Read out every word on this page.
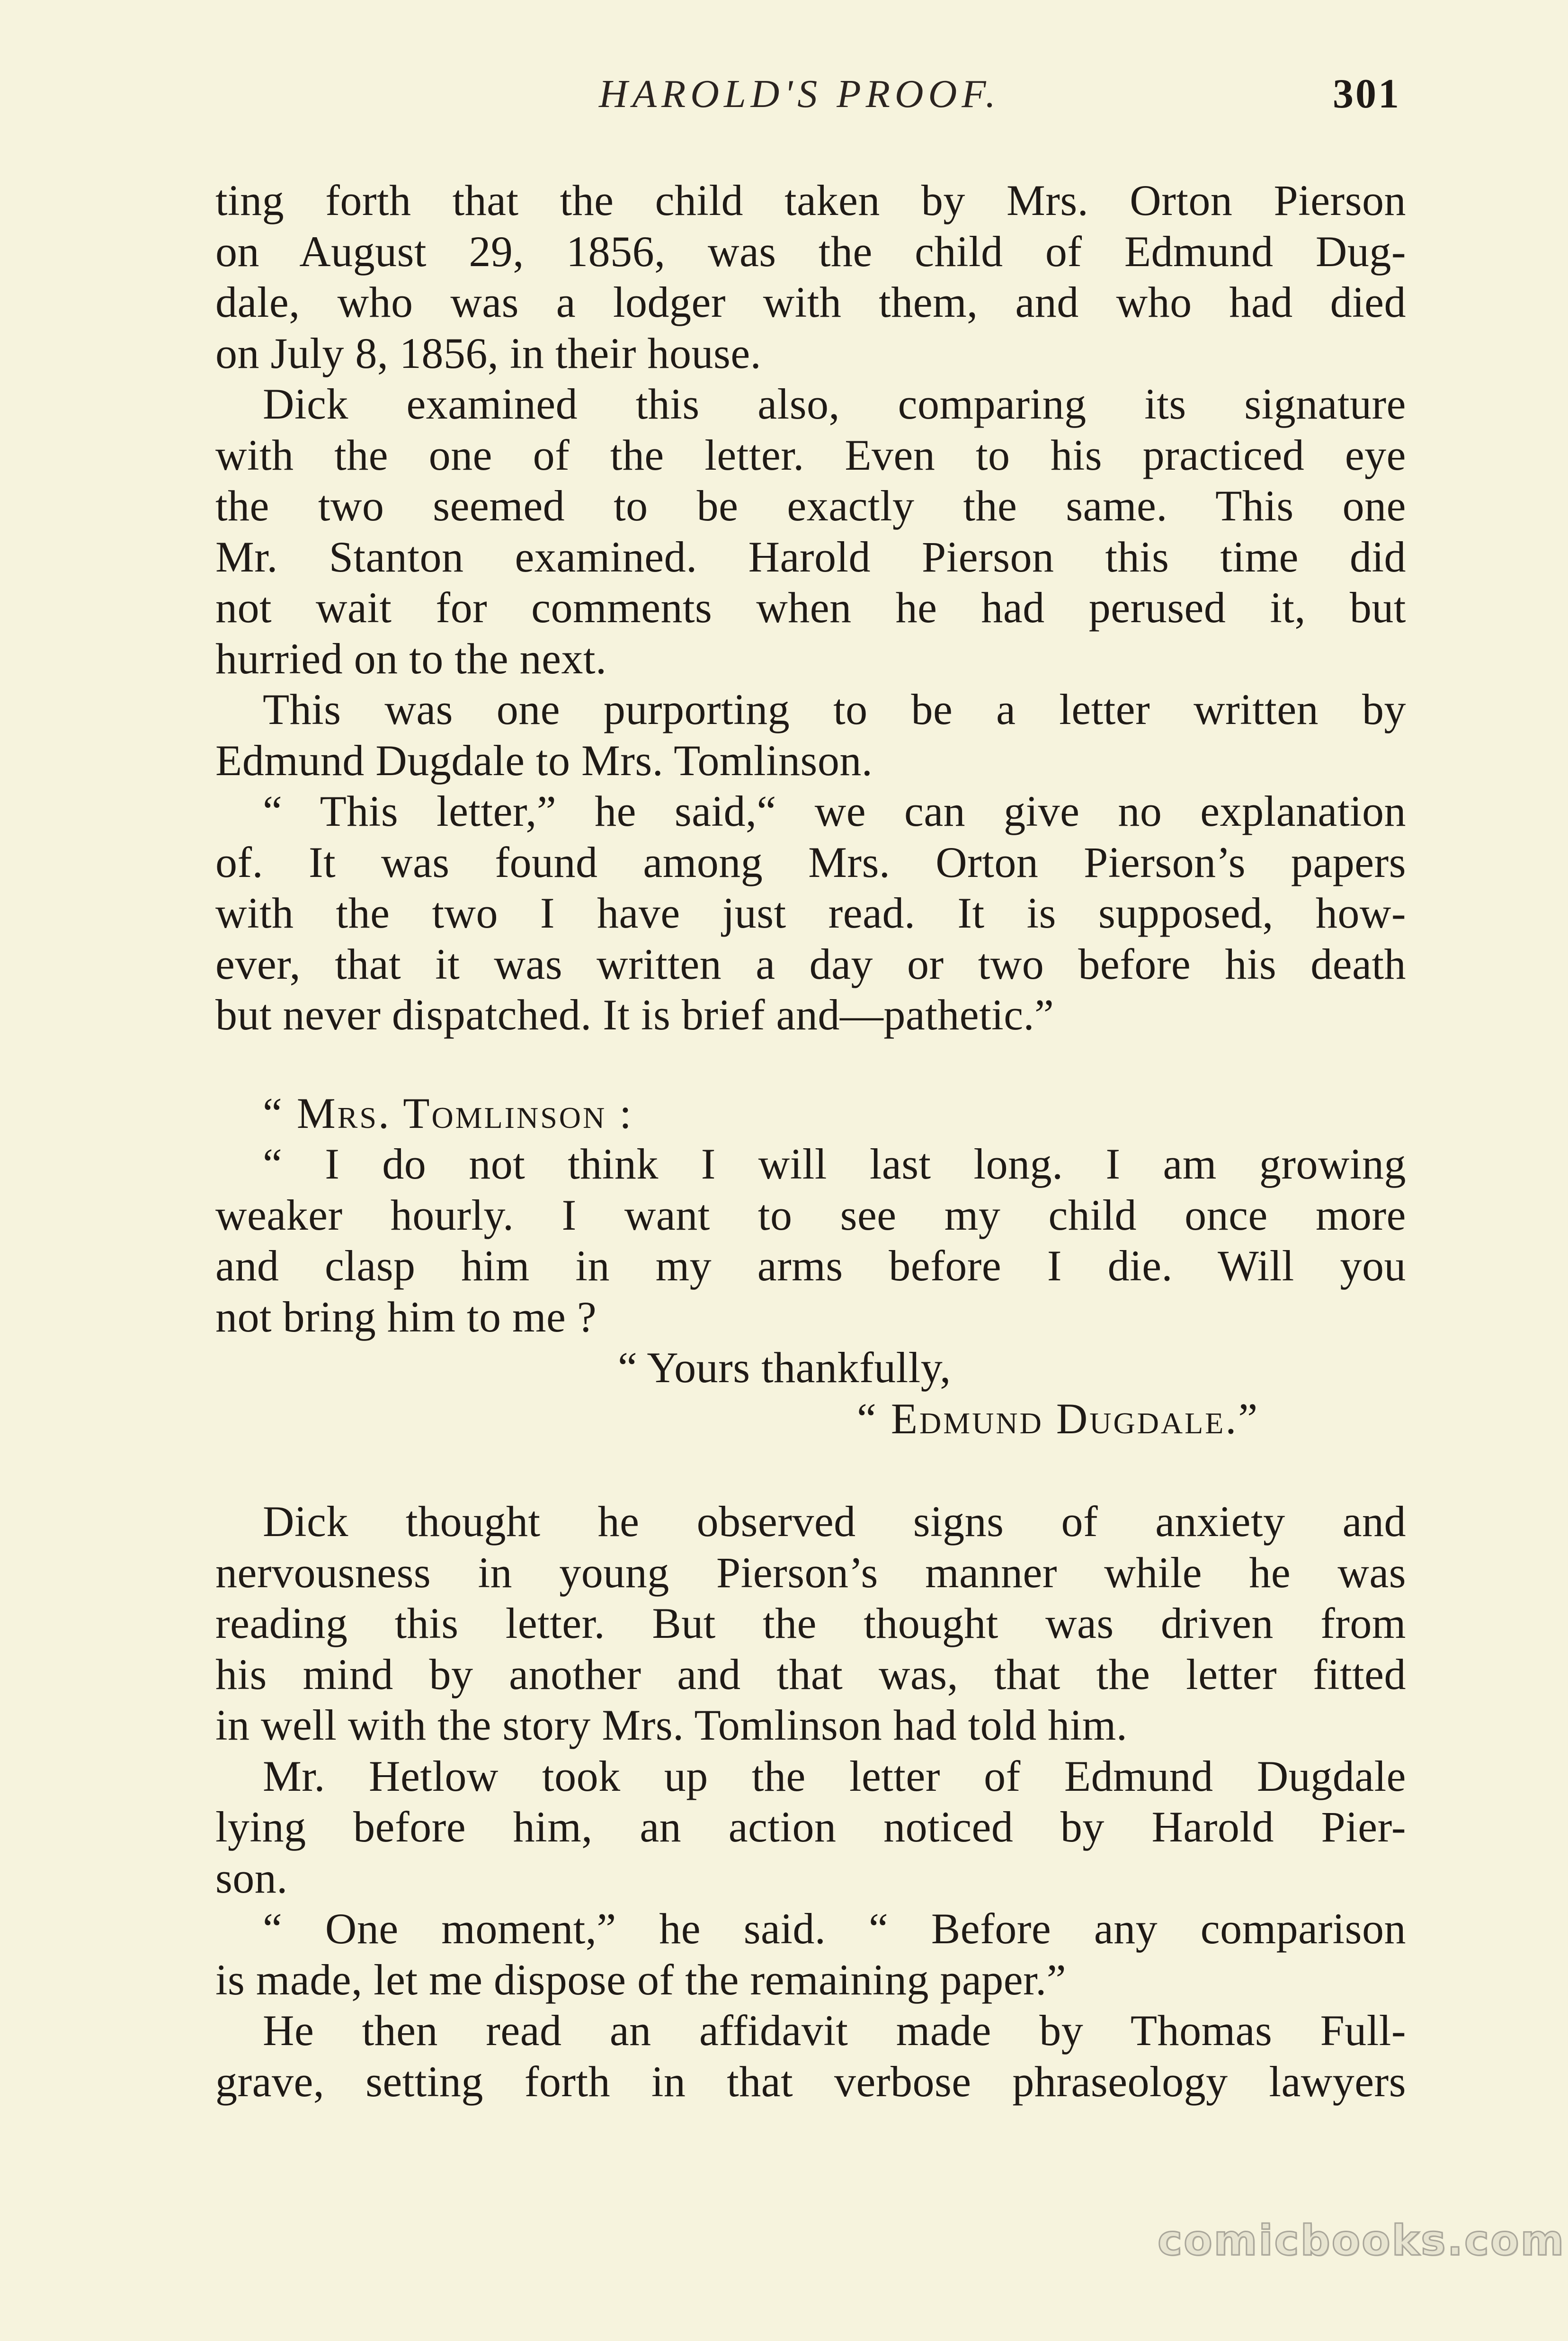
HAROLD'S PROOF.	301
ting forth that the child taken by Mrs. Orton Pierson
on August 29, 1856, was the child of Edmund Dug-
dale, who was a lodger with them, and who had died
on July 8, 1856, in their house.
Dick examined this also, comparing its signature
with the one of the letter. Even to his practiced eye
the two seemed to be exactly the same. This one
Mr. Stanton examined. Harold Pierson this time did
not wait for comments when he had perused it, but
hurried on to the next.
This was one purporting to be a letter written by
Edmund Dugdale to Mrs. Tomlinson.
“ This letter,” he said,“ we can give no explanation
of. It was found among Mrs. Orton Pierson’s papers
with the two I have just read. It is supposed, how-
ever, that it was written a day or two before his death
but never dispatched. It is brief and—pathetic.”
“ Mrs. Tomlinson :
“ I do not think I will last long. I am growing
weaker hourly. I want to see my child once more
and clasp him in my arms before I die. Will you
not bring him to me ?
“ Yours thankfully,
“ Edmund Dugdale.”
Dick thought he observed signs of anxiety and
nervousness in young Pierson’s manner while he was
reading this letter. But the thought was driven from
his mind by another and that was, that the letter fitted
in well with the story Mrs. Tomlinson had told him.
Mr. Hetlow took up the letter of Edmund Dugdale
lying before him, an action noticed by Harold Pier-
son.
“ One moment,” he said. “ Before any comparison
is made, let me dispose of the remaining paper.”
He then read an affidavit made by Thomas Full-
grave, setting forth in that verbose phraseology lawyers
comicbooks.com
